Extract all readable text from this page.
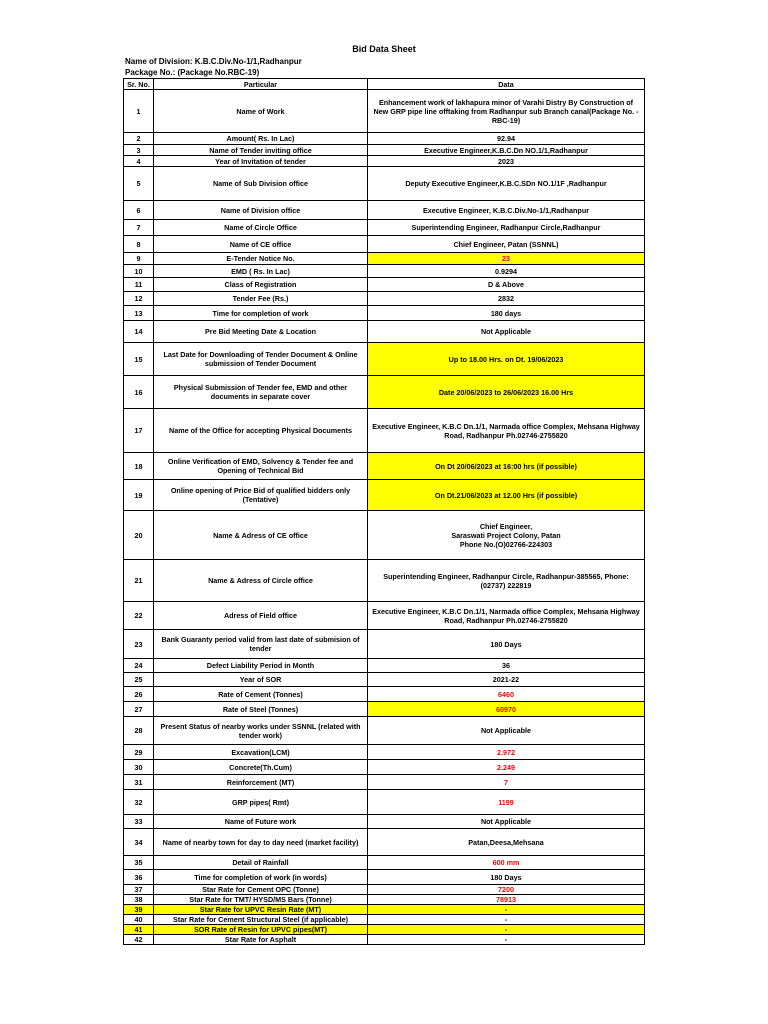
Bid Data Sheet
Name of Division: K.B.C.Div.No-1/1,Radhanpur
Package No.: (Package No.RBC-19)
Sr. No.	Particular	Data
1	Name of Work	Enhancement work of lakhapura minor of Varahi Distry By Construction of New GRP pipe line offtaking from Radhanpur sub Branch canal(Package No. -RBC-19)
2	Amount( Rs. In Lac)	92.94
3	Name of Tender inviting office	Executive Engineer,K.B.C.Dn NO.1/1,Radhanpur
4	Year of Invitation of tender	2023
5	Name of Sub Division office	Deputy Executive Engineer,K.B.C.SDn NO.1/1F ,Radhanpur
6	Name of Division office	Executive Engineer, K.B.C.Div.No-1/1,Radhanpur
7	Name of Circle Office	Superintending Engineer, Radhanpur Circle,Radhanpur
8	Name of CE office	Chief Engineer, Patan (SSNNL)
9	E-Tender Notice No.	23
10	EMD ( Rs. In Lac)	0.9294
11	Class of Registration	D & Above
12	Tender Fee (Rs.)	2832
13	Time for completion of work	180 days
14	Pre Bid Meeting Date & Location	Not Applicable
15	Last Date for Downloading of Tender Document & Online submission of Tender Document	Up to 18.00 Hrs. on Dt. 19/06/2023
16	Physical Submission of Tender fee, EMD and other documents in separate cover	Date 20/06/2023 to 26/06/2023 16.00 Hrs
17	Name of the Office for accepting Physical Documents	Executive Engineer, K.B.C Dn.1/1, Narmada office Complex, Mehsana Highway Road, Radhanpur Ph.02746-2755820
18	Online Verification of EMD, Solvency & Tender fee and Opening of Technical Bid	On Dt 20/06/2023 at 16:00 hrs (if possible)
19	Online opening of Price Bid of qualified bidders only (Tentative)	On Dt.21/06/2023 at 12.00 Hrs (if possible)
20	Name & Adress of CE office	Chief Engineer,
Saraswati Project Colony, Patan
Phone No.(O)02766-224303

21	Name & Adress of Circle office	Superintending Engineer, Radhanpur Circle, Radhanpur-385565, Phone: (02737) 222819
22	Adress of Field office	Executive Engineer, K.B.C Dn.1/1, Narmada office Complex, Mehsana Highway Road, Radhanpur Ph.02746-2755820
23	Bank Guaranty period valid from last date of submision of tender	180 Days
24	Defect Liability Period in Month	36
25	Year of SOR	2021-22
26	Rate of Cement (Tonnes)	6460
27	Rate of Steel (Tonnes)	60970
28	Present Status of nearby works under SSNNL (related with tender work)	Not Applicable
29	Excavation(LCM)	2.972
30	Concrete(Th.Cum)	2.249
31	Reinforcement (MT)	7
32	GRP pipes( Rmt)	1199
33	Name of Future work	Not Applicable
34	Name of nearby town for day to day need (market facility)	Patan,Deesa,Mehsana
35	Detail of Rainfall	600 mm
36	Time for completion of work (in words)	180 Days
37	Star Rate for Cement OPC (Tonne)	7200
38	Star Rate for TMT/ HYSD/MS Bars (Tonne)	78913
39	Star Rate for UPVC Resin Rate (MT)	-
40	Star Rate for Cement Structural Steel (if applicable)	-
41	SOR Rate of Resin for UPVC pipes(MT)	-
42	Star Rate for Asphalt	-
